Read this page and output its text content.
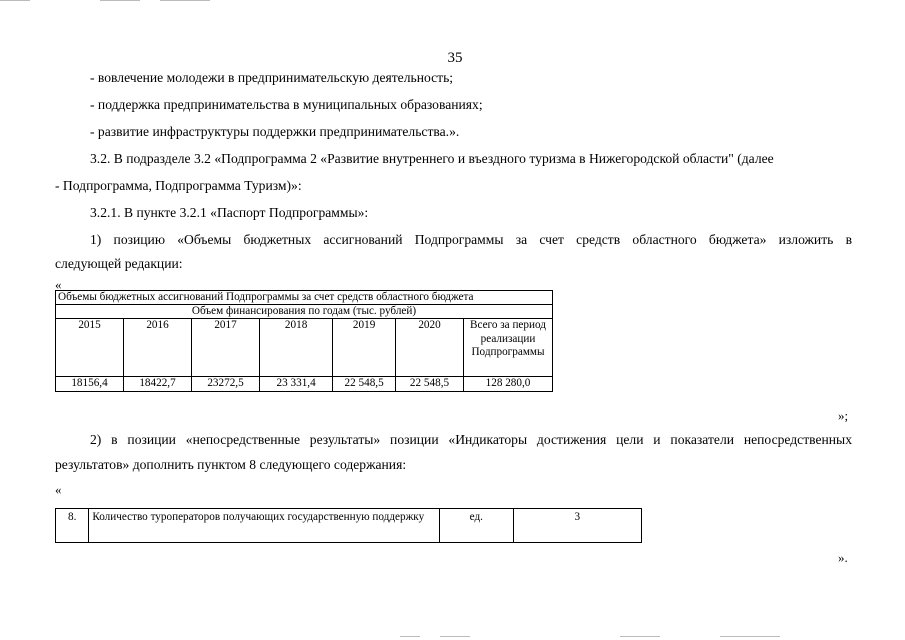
35
- вовлечение молодежи в предпринимательскую деятельность;
- поддержка предпринимательства в муниципальных образованиях;
- развитие инфраструктуры поддержки предпринимательства.».
3.2. В подразделе 3.2 «Подпрограмма 2 «Развитие внутреннего и въездного туризма в Нижегородской области" (далее
- Подпрограмма, Подпрограмма Туризм)»:
3.2.1. В пункте 3.2.1 «Паспорт Подпрограммы»:
1) позицию «Объемы бюджетных ассигнований Подпрограммы за счет средств областного бюджета» изложить в
следующей редакции:
«
Объемы бюджетных ассигнований Подпрограммы за счет средств областного бюджета						
Объем финансирования по годам (тыс. рублей)						
2015	2016	2017	2018	2019	2020	Всего за период реализации Подпрограммы
18156,4	18422,7	23272,5	23 331,4	22 548,5	22 548,5	128 280,0
»;
2) в позиции «непосредственные результаты» позиции «Индикаторы достижения цели и показатели непосредственных
результатов» дополнить пунктом 8 следующего содержания:
«
8.	Количество туроператоров получающих государственную поддержку	ед.	3
».
